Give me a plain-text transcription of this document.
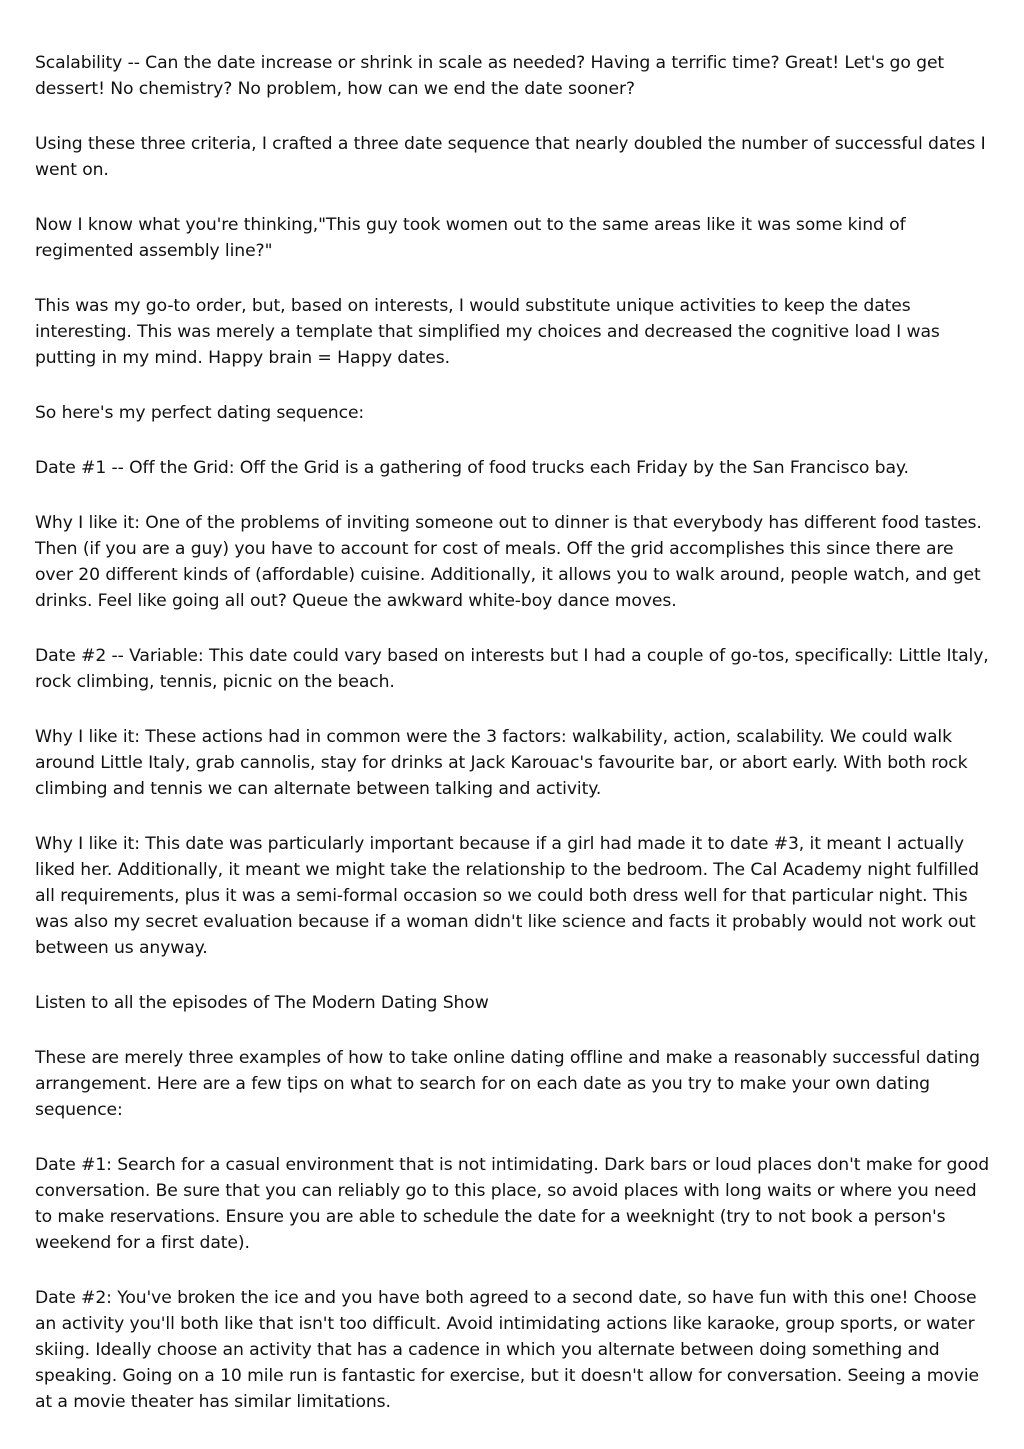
Scalability -- Can the date increase or shrink in scale as needed? Having a terrific time? Great! Let's go get dessert! No chemistry? No problem, how can we end the date sooner?

Using these three criteria, I crafted a three date sequence that nearly doubled the number of successful dates I went on.

Now I know what you're thinking,"This guy took women out to the same areas like it was some kind of regimented assembly line?"

This was my go-to order, but, based on interests, I would substitute unique activities to keep the dates interesting. This was merely a template that simplified my choices and decreased the cognitive load I was putting in my mind. Happy brain = Happy dates.

So here's my perfect dating sequence:

Date #1 -- Off the Grid: Off the Grid is a gathering of food trucks each Friday by the San Francisco bay.

Why I like it: One of the problems of inviting someone out to dinner is that everybody has different food tastes. Then (if you are a guy) you have to account for cost of meals. Off the grid accomplishes this since there are over 20 different kinds of (affordable) cuisine. Additionally, it allows you to walk around, people watch, and get drinks. Feel like going all out? Queue the awkward white-boy dance moves.

Date #2 -- Variable: This date could vary based on interests but I had a couple of go-tos, specifically: Little Italy, rock climbing, tennis, picnic on the beach.

Why I like it: These actions had in common were the 3 factors: walkability, action, scalability. We could walk around Little Italy, grab cannolis, stay for drinks at Jack Karouac's favourite bar, or abort early. With both rock climbing and tennis we can alternate between talking and activity.

Why I like it: This date was particularly important because if a girl had made it to date #3, it meant I actually liked her. Additionally, it meant we might take the relationship to the bedroom. The Cal Academy night fulfilled all requirements, plus it was a semi-formal occasion so we could both dress well for that particular night. This was also my secret evaluation because if a woman didn't like science and facts it probably would not work out between us anyway.

Listen to all the episodes of The Modern Dating Show

These are merely three examples of how to take online dating offline and make a reasonably successful dating arrangement. Here are a few tips on what to search for on each date as you try to make your own dating sequence:

Date #1: Search for a casual environment that is not intimidating. Dark bars or loud places don't make for good conversation. Be sure that you can reliably go to this place, so avoid places with long waits or where you need to make reservations. Ensure you are able to schedule the date for a weeknight (try to not book a person's weekend for a first date).

Date #2: You've broken the ice and you have both agreed to a second date, so have fun with this one! Choose an activity you'll both like that isn't too difficult. Avoid intimidating actions like karaoke, group sports, or water skiing. Ideally choose an activity that has a cadence in which you alternate between doing something and speaking. Going on a 10 mile run is fantastic for exercise, but it doesn't allow for conversation. Seeing a movie at a movie theater has similar limitations.
